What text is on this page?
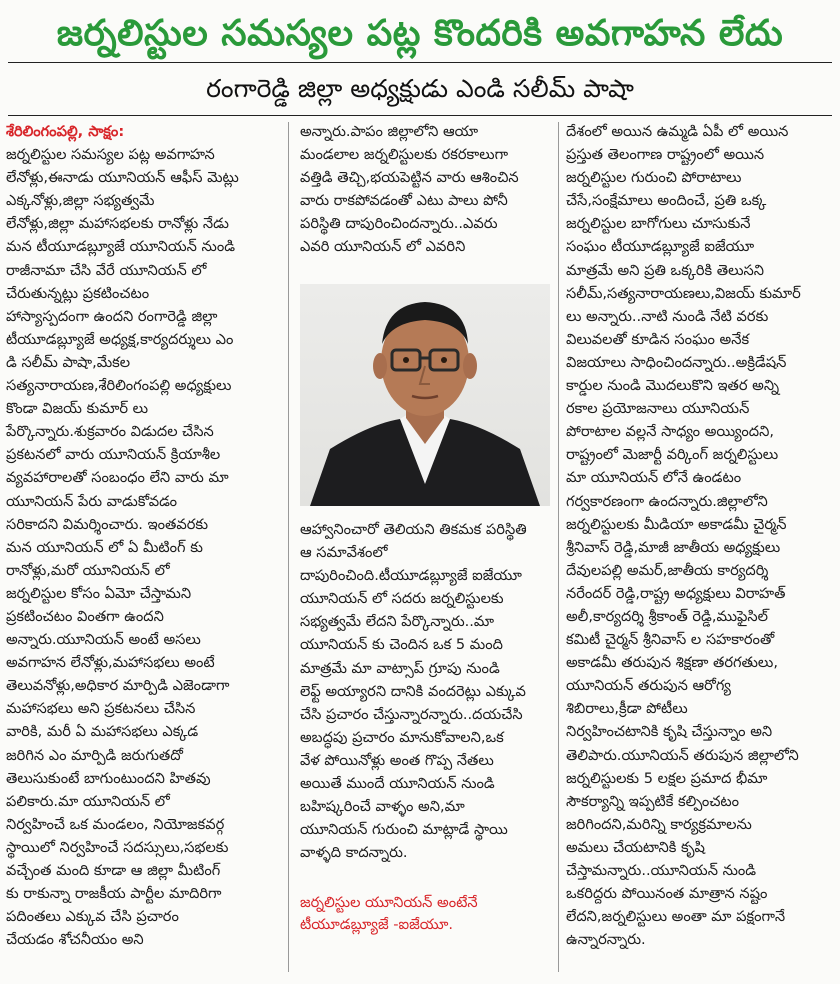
జర్నలిస్టుల సమస్యల పట్ల కొందరికి అవగాహన లేదు
రంగారెడ్డి జిల్లా అధ్యక్షుడు ఎండి సలీమ్ పాషా

శేరిలింగంపల్లి, సాక్షం:

జర్నలిస్టుల సమస్యల పట్ల అవగాహన

లేనోళ్లు,ఈనాడు యూనియన్ ఆఫీస్ మెట్లు

ఎక్కనోళ్లు,జిల్లా సభ్యత్వమే

లేనోళ్లు,జిల్లా మహాసభలకు రానోళ్లు నేడు

మన టీయూడబ్ల్యూజే యూనియన్ నుండి

రాజీనామా చేసి వేరే యూనియన్ లో

చేరుతున్నట్లు ప్రకటించటం

హాస్యాస్పదంగా ఉందని రంగారెడ్డి జిల్లా

టీయూడబ్ల్యూజే అధ్యక్ష,కార్యదర్శులు ఎం

డి సలీమ్ పాషా,మేకల

సత్యనారాయణ,శేరిలింగంపల్లి అధ్యక్షులు

కొండా విజయ్ కుమార్ లు

పేర్కొన్నారు.శుక్రవారం విడుదల చేసిన

ప్రకటనలో వారు యూనియన్ క్రియాశీల

వ్యవహారాలతో సంబంధం లేని వారు మా

యూనియన్ పేరు వాడుకోవడం

సరికాదని విమర్శించారు. ఇంతవరకు

మన యూనియన్ లో ఏ మీటింగ్ కు

రానోళ్లు,మరో యూనియన్ లో

జర్నలిస్టుల కోసం ఏమో చేస్తామని

ప్రకటించటం వింతగా ఉందని

అన్నారు.యూనియన్ అంటే అసలు

అవగాహన లేనోళ్లు,మహాసభలు అంటే

తెలువనోళ్లు,అధికార మార్పిడి ఎజెండాగా

మహాసభలు అని ప్రకటనలు చేసిన

వారికి, మరీ ఏ మహాసభలు ఎక్కడ

జరిగిన ఎం మార్పిడి జరుగుతదో

తెలుసుకుంటే బాగుంటుందని హితవు

పలికారు.మా యూనియన్ లో

నిర్వహించే ఒక మండలం, నియోజకవర్గ

స్థాయిలో నిర్వహించే సదస్సులు,సభలకు

వచ్చేంత మంది కూడా ఆ జిల్లా మీటింగ్

కు రాకున్నా రాజకీయ పార్టీల మాదిరిగా

పదింతలు ఎక్కువ చేసి ప్రచారం

చేయడం శోచనీయం అని

అన్నారు.పాపం జిల్లాలోని ఆయా

మండలాల జర్నలిస్టులకు రకరకాలుగా

వత్తిడి తెచ్చి,భయపెట్టిన వారు ఆశించిన

వారు రాకపోవడంతో ఎటు పాలు పోనీ

పరిస్థితి దాపురించిందన్నారు..ఎవరు

ఎవరి యూనియన్ లో ఎవరిని

ఆహ్వానించారో తెలియని తికమక పరిస్థితి

ఆ సమావేశంలో

దాపురించింది.టీయూడబ్ల్యూజే ఐజేయూ

యూనియన్ లో సదరు జర్నలిస్టులకు

సభ్యత్వమే లేదని పేర్కొన్నారు..మా

యూనియన్ కు చెందిన ఒక 5 మంది

మాత్రమే మా వాట్సాప్ గ్రూపు నుండి

లెఫ్ట్ అయ్యారని దానికి వందరెట్లు ఎక్కువ

చేసి ప్రచారం చేస్తున్నారన్నారు..దయచేసి

అబద్ధపు ప్రచారం మానుకోవాలని,ఒక

వేళ పోయినోళ్లు అంత గొప్ప నేతలు

అయితే ముందే యూనియన్ నుండి

బహిష్కరించే వాళ్ళం అని,మా

యూనియన్ గురుంచి మాట్లాడే స్థాయి

వాళ్ళది కాదన్నారు.

జర్నలిస్టుల యూనియన్ అంటేనే

టీయూడబ్ల్యూజే -ఐజేయూ.

దేశంలో అయిన ఉమ్మడి ఏపీ లో అయిన

ప్రస్తుత తెలంగాణ రాష్ట్రంలో అయిన

జర్నలిస్టుల గురుంచి పోరాటాలు

చేసే,సంక్షేమాలు అందించే, ప్రతి ఒక్క

జర్నలిస్టుల బాగోగులు చూసుకునే

సంఘం టీయూడబ్ల్యూజే ఐజేయూ

మాత్రమే అని ప్రతి ఒక్కరికి తెలుసని

సలీమ్,సత్యనారాయణలు,విజయ్ కుమార్

లు అన్నారు..నాటి నుండి నేటి వరకు

విలువలతో కూడిన సంఘం అనేక

విజయాలు సాధించిందన్నారు..అక్రిడేషన్

కార్డుల నుండి మొదలుకొని ఇతర అన్ని

రకాల ప్రయోజనాలు యూనియన్

పోరాటాల వల్లనే సాధ్యం అయ్యిందని,

రాష్ట్రంలో మెజార్టీ వర్కింగ్ జర్నలిస్టులు

మా యూనియన్ లోనే ఉండటం

గర్వకారణంగా ఉందన్నారు.జిల్లాలోని

జర్నలిస్టులకు మీడియా అకాడమీ చైర్మన్

శ్రీనివాస్ రెడ్డి,మాజీ జాతీయ అధ్యక్షులు

దేవులపల్లి అమర్,జాతీయ కార్యదర్శి

నరేందర్ రెడ్డి,రాష్ట్ర అధ్యక్షులు విరాహత్

అలీ,కార్యదర్శి శ్రీకాంత్ రెడ్డి,ముఫైసిల్

కమిటీ చైర్మన్ శ్రీనివాస్ ల సహకారంతో

అకాడమీ తరుపున శిక్షణా తరగతులు,

యూనియన్ తరుపున ఆరోగ్య

శిబిరాలు,క్రీడా పోటీలు

నిర్వహించటానికి కృషి చేస్తున్నాం అని

తెలిపారు.యూనియన్ తరుపున జిల్లాలోని

జర్నలిస్టులకు 5 లక్షల ప్రమాద భీమా

సౌకర్యాన్ని ఇప్పటికే కల్పించటం

జరిగిందని,మరిన్ని కార్యక్రమాలను

అమలు చేయటానికి కృషి

చేస్తామన్నారు..యూనియన్ నుండి

ఒకరిద్దరు పోయినంత మాత్రాన నష్టం

లేదని,జర్నలిస్టులు అంతా మా పక్షంగానే

ఉన్నారన్నారు.
